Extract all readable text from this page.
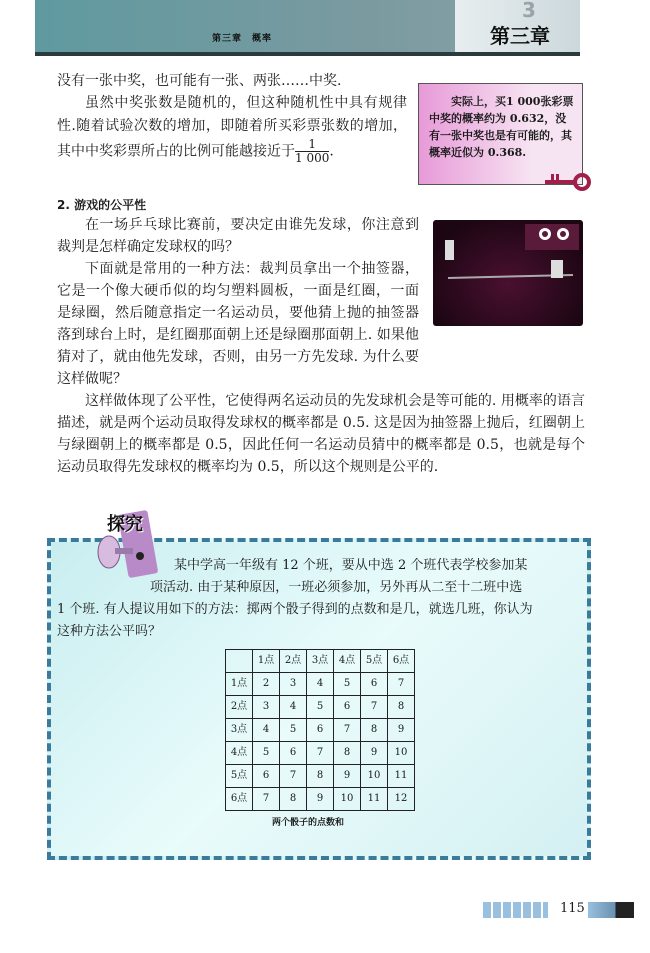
3
第三章
第三章　概率
没有一张中奖，也可能有一张、两张……中奖.
虽然中奖张数是随机的，但这种随机性中具有规律性.随着试验次数的增加，即随着所买彩票张数的增加，其中中奖彩票所占的比例可能越接近于 $\frac{1}{1 000}$ .
实际上，买1 000张彩票中奖的概率约为 0.632，没有一张中奖也是有可能的，其概率近似为 0.368.
2. 游戏的公平性
在一场乒乓球比赛前，要决定由谁先发球，你注意到裁判是怎样确定发球权的吗？
下面就是常用的一种方法：裁判员拿出一个抽签器，它是一个像大硬币似的均匀塑料圆板，一面是红圈，一面是绿圈，然后随意指定一名运动员，要他猜上抛的抽签器落到球台上时，是红圈那面朝上还是绿圈那面朝上. 如果他猜对了，就由他先发球，否则，由另一方先发球. 为什么要这样做呢？
这样做体现了公平性，它使得两名运动员的先发球机会是等可能的. 用概率的语言描述，就是两个运动员取得发球权的概率都是 0.5. 这是因为抽签器上抛后，红圈朝上与绿圈朝上的概率都是 0.5，因此任何一名运动员猜中的概率都是 0.5，也就是每个运动员取得先发球权的概率均为 0.5，所以这个规则是公平的.
探究
某中学高一年级有 12 个班，要从中选 2 个班代表学校参加某
项活动. 由于某种原因，一班必须参加，另外再从二至十二班中选
1 个班. 有人提议用如下的方法：掷两个骰子得到的点数和是几，就选几班，你认为
这种方法公平吗？
	1点	2点	3点	4点	5点	6点
1点	2	3	4	5	6	7
2点	3	4	5	6	7	8
3点	4	5	6	7	8	9
4点	5	6	7	8	9	10
5点	6	7	8	9	10	11
6点	7	8	9	10	11	12
两个骰子的点数和
115
